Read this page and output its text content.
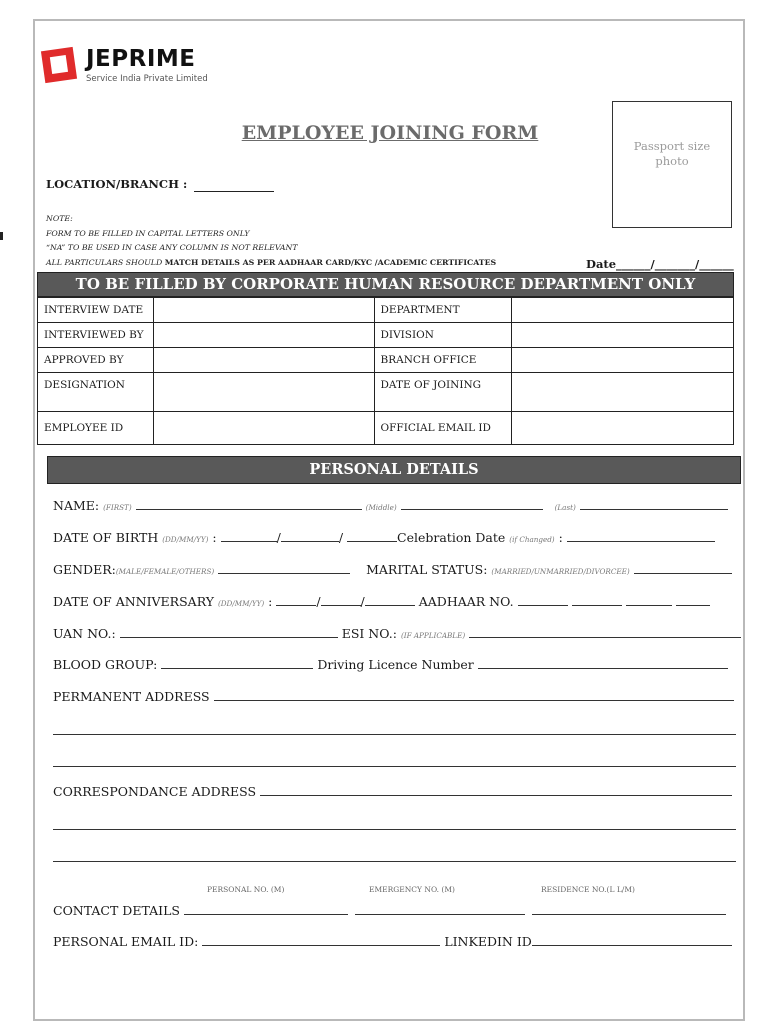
JEPRIME
Service India Private Limited
EMPLOYEE JOINING FORM
Passport size
photo
LOCATION/BRANCH :
NOTE:
FORM TO BE FILLED IN CAPITAL LETTERS ONLY
“NA” TO BE USED IN CASE ANY COLUMN IS NOT RELEVANT
ALL PARTICULARS SHOULD MATCH DETAILS AS PER AADHAAR CARD/KYC /ACADEMIC CERTIFICATES	Date______/_______/______
TO BE FILLED BY CORPORATE HUMAN RESOURCE DEPARTMENT ONLY
INTERVIEW DATE		DEPARTMENT	
INTERVIEWED BY		DIVISION	
APPROVED BY		BRANCH OFFICE	
DESIGNATION		DATE OF JOINING	
EMPLOYEE ID		OFFICIAL EMAIL ID	
PERSONAL DETAILS
NAME: (FIRST)	(Middle)	(Last)
DATE OF BIRTH (DD/MM/YY) :	/	/	Celebration Date (if Changed) :
GENDER:(MALE/FEMALE/OTHERS)	MARITAL STATUS: (MARRIED/UNMARRIED/DIVORCEE)
DATE OF ANNIVERSARY (DD/MM/YY) :	/	/	AADHAAR NO.
UAN NO.:	ESI NO.: (IF APPLICABLE)
BLOOD GROUP:	Driving Licence Number
PERMANENT ADDRESS
CORRESPONDANCE ADDRESS
PERSONAL NO. (M)	EMERGENCY NO. (M)	RESIDENCE NO.(L L/M)
CONTACT DETAILS
PERSONAL EMAIL ID:	LINKEDIN ID
